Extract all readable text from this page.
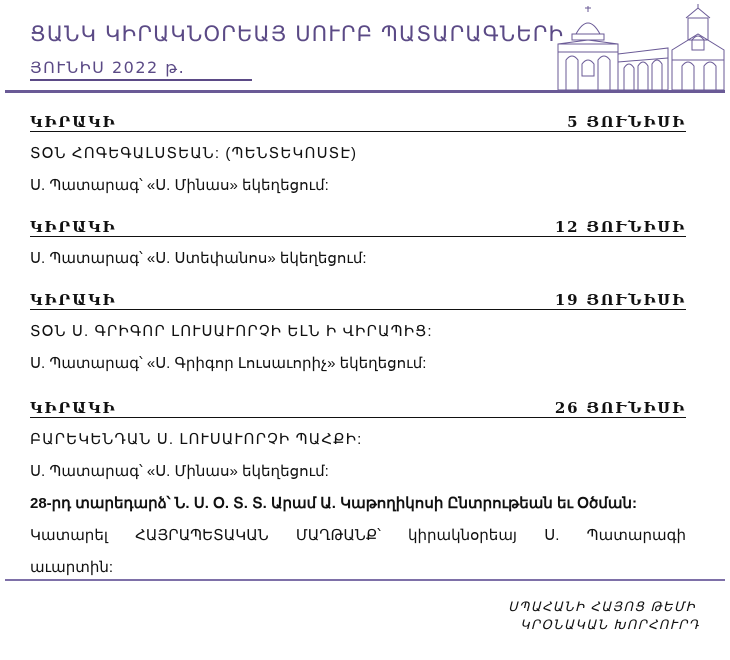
ՑԱՆԿ ԿԻՐԱԿՆՕՐԵԱՅ ՍՈՒՐԲ ՊԱՏԱՐԱԳՆԵՐԻ
ՅՈՒՆԻՍ 2022 թ.
ԿԻՐԱԿԻ	5 ՅՈՒՆԻՍԻ
ՏՕՆ ՀՈԳԵԳԱԼՍՏԵԱՆ: (ՊԵՆՏԵԿՈՍՏԷ)
Ս. Պատարագ՝ «Ս. Մինաս» եկեղեցում:
ԿԻՐԱԿԻ	12 ՅՈՒՆԻՍԻ
Ս. Պատարագ՝ «Ս. Ստեփանոս» եկեղեցում:
ԿԻՐԱԿԻ	19 ՅՈՒՆԻՍԻ
ՏՕՆ Ս. ԳՐԻԳՈՐ ԼՈՒՍԱՒՈՐՉԻ ԵԼՆ Ի ՎԻՐԱՊԻՑ:
Ս. Պատարագ՝ «Ս. Գրիգոր Լուսաւորիչ» եկեղեցում:
ԿԻՐԱԿԻ	26 ՅՈՒՆԻՍԻ
ԲԱՐԵԿԵՆԴԱՆ Ս. ԼՈՒՍԱՒՈՐՉԻ ՊԱՀՔԻ:
Ս. Պատարագ՝ «Ս. Մինաս» եկեղեցում:
28-րդ տարեդարձ՝ Ն. Ս. Օ. Տ. Տ. Արամ Ա. Կաթողիկոսի Ընտրութեան եւ Օծման:
Կատարել ՀԱՅՐԱՊԵՏԱԿԱՆ ՄԱՂԹԱՆՔ՝ կիրակնօրեայ Ս. Պատարագի
աւարտին:
ՍՊԱՀԱՆԻ ՀԱՅՈՑ ԹԵՄԻ
ԿՐՕՆԱԿԱՆ ԽՈՐՀՈՒՐԴ
